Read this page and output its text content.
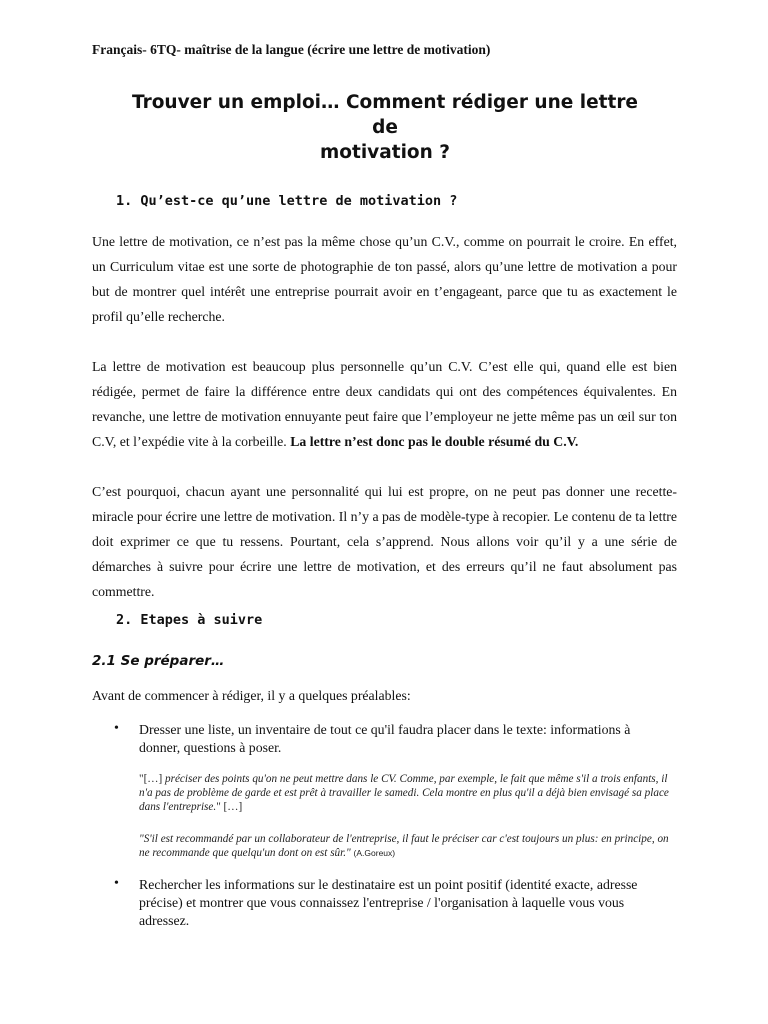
Français- 6TQ- maîtrise de la langue (écrire une lettre de motivation)
Trouver un emploi… Comment rédiger une lettre de
motivation ?
1. Qu’est-ce qu’une lettre de motivation ?
Une lettre de motivation, ce n’est pas la même chose qu’un C.V., comme on pourrait le croire. En effet, un Curriculum vitae est une sorte de photographie de ton passé, alors qu’une lettre de motivation a pour but de montrer quel intérêt une entreprise pourrait avoir en t’engageant, parce que tu as exactement le profil qu’elle recherche.
La lettre de motivation est beaucoup plus personnelle qu’un C.V. C’est elle qui, quand elle est bien rédigée, permet de faire la différence entre deux candidats qui ont des compétences équivalentes. En revanche, une lettre de motivation ennuyante peut faire que l’employeur ne jette même pas un œil sur ton C.V, et l’expédie vite à la corbeille. La lettre n’est donc pas le double résumé du C.V.
C’est pourquoi, chacun ayant une personnalité qui lui est propre, on ne peut pas donner une recette-miracle pour écrire une lettre de motivation. Il n’y a pas de modèle-type à recopier. Le contenu de ta lettre doit exprimer ce que tu ressens. Pourtant, cela s’apprend. Nous allons voir qu’il y a une série de démarches à suivre pour écrire une lettre de motivation, et des erreurs qu’il ne faut absolument pas commettre.
2. Etapes à suivre
2.1 Se préparer…
Avant de commencer à rédiger, il y a quelques préalables:
• Dresser une liste, un inventaire de tout ce qu'il faudra placer dans le texte: informations à donner, questions à poser.
"[…] préciser des points qu'on ne peut mettre dans le CV. Comme, par exemple, le fait que même s'il a trois enfants, il n'a pas de problème de garde et est prêt à travailler le samedi. Cela montre en plus qu'il a déjà bien envisagé sa place dans l'entreprise." […]
"S'il est recommandé par un collaborateur de l'entreprise, il faut le préciser car c'est toujours un plus: en principe, on ne recommande que quelqu'un dont on est sûr." (A.Goreux)
• Rechercher les informations sur le destinataire est un point positif (identité exacte, adresse précise) et montrer que vous connaissez l'entreprise / l'organisation à laquelle vous vous adressez.
